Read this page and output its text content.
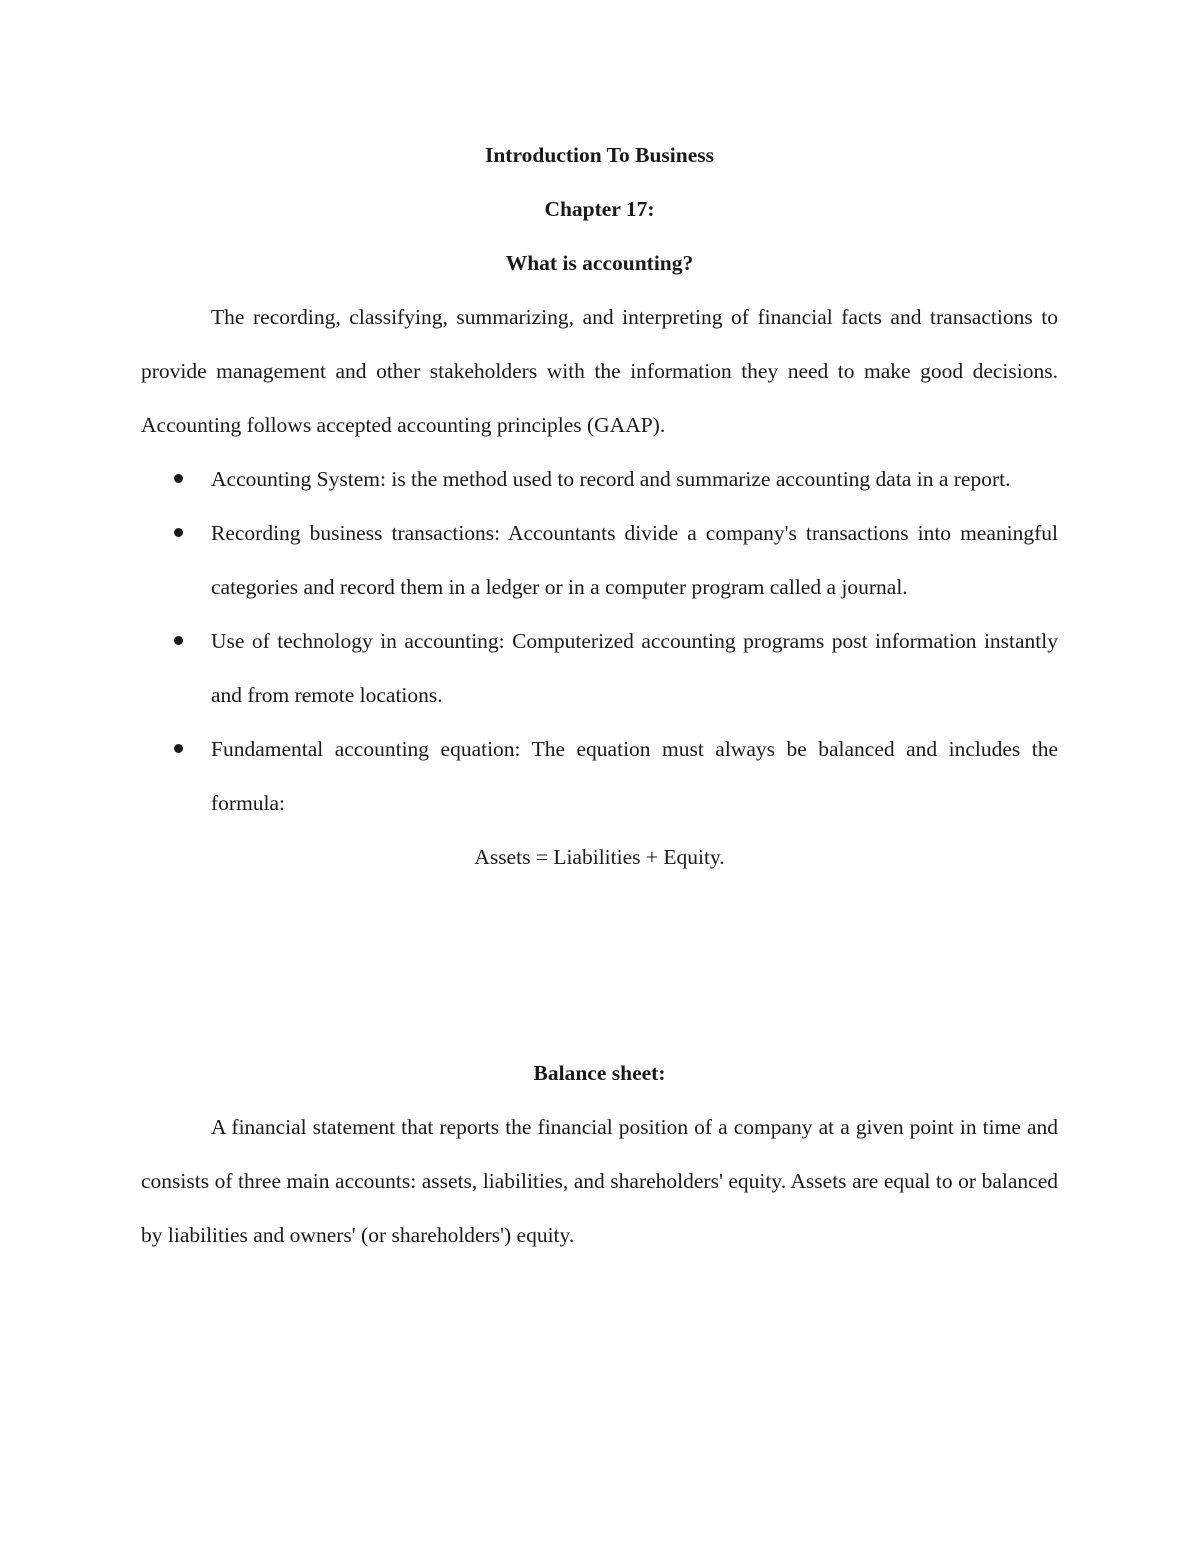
Introduction To Business

Chapter 17:

What is accounting?

The recording, classifying, summarizing, and interpreting of financial facts and transactions to provide management and other stakeholders with the information they need to make good decisions. Accounting follows accepted accounting principles (GAAP).

Accounting System: is the method used to record and summarize accounting data in a report.
Recording business transactions: Accountants divide a company's transactions into meaningful categories and record them in a ledger or in a computer program called a journal.
Use of technology in accounting: Computerized accounting programs post information instantly and from remote locations.
Fundamental accounting equation: The equation must always be balanced and includes the formula:

Assets = Liabilities + Equity.

Balance sheet:

A financial statement that reports the financial position of a company at a given point in time and consists of three main accounts: assets, liabilities, and shareholders' equity. Assets are equal to or balanced by liabilities and owners' (or shareholders') equity.
